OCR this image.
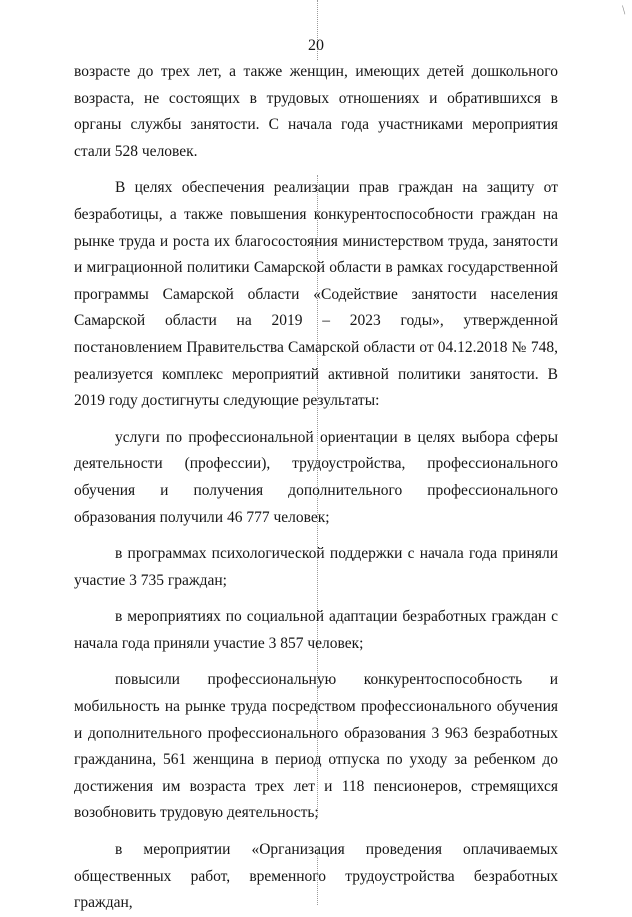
/
20

возрасте до трех лет, а также женщин, имеющих детей дошкольного возраста, не состоящих в трудовых отношениях и обратившихся в органы службы занятости. С начала года участниками мероприятия стали 528 человек.

В целях обеспечения реализации прав граждан на защиту от безработицы, а также повышения конкурентоспособности граждан на рынке труда и роста их благосостояния министерством труда, занятости и миграционной политики Самарской области в рамках государственной программы Самарской области «Содействие занятости населения Самарской области на 2019 – 2023 годы», утвержденной постановлением Правительства Самарской области от 04.12.2018 № 748, реализуется комплекс мероприятий активной политики занятости. В 2019 году достигнуты следующие результаты:

услуги по профессиональной ориентации в целях выбора сферы деятельности (профессии), трудоустройства, профессионального обучения и получения дополнительного профессионального образования получили 46 777 человек;

в программах психологической поддержки с начала года приняли участие 3 735 граждан;

в мероприятиях по социальной адаптации безработных граждан с начала года приняли участие 3 857 человек;

повысили профессиональную конкурентоспособность и мобильность на рынке труда посредством профессионального обучения и дополнительного профессионального образования 3 963 безработных гражданина, 561 женщина в период отпуска по уходу за ребенком до достижения им возраста трех лет и 118 пенсионеров, стремящихся возобновить трудовую деятельность;

в мероприятии «Организация проведения оплачиваемых общественных работ, временного трудоустройства безработных граждан,
